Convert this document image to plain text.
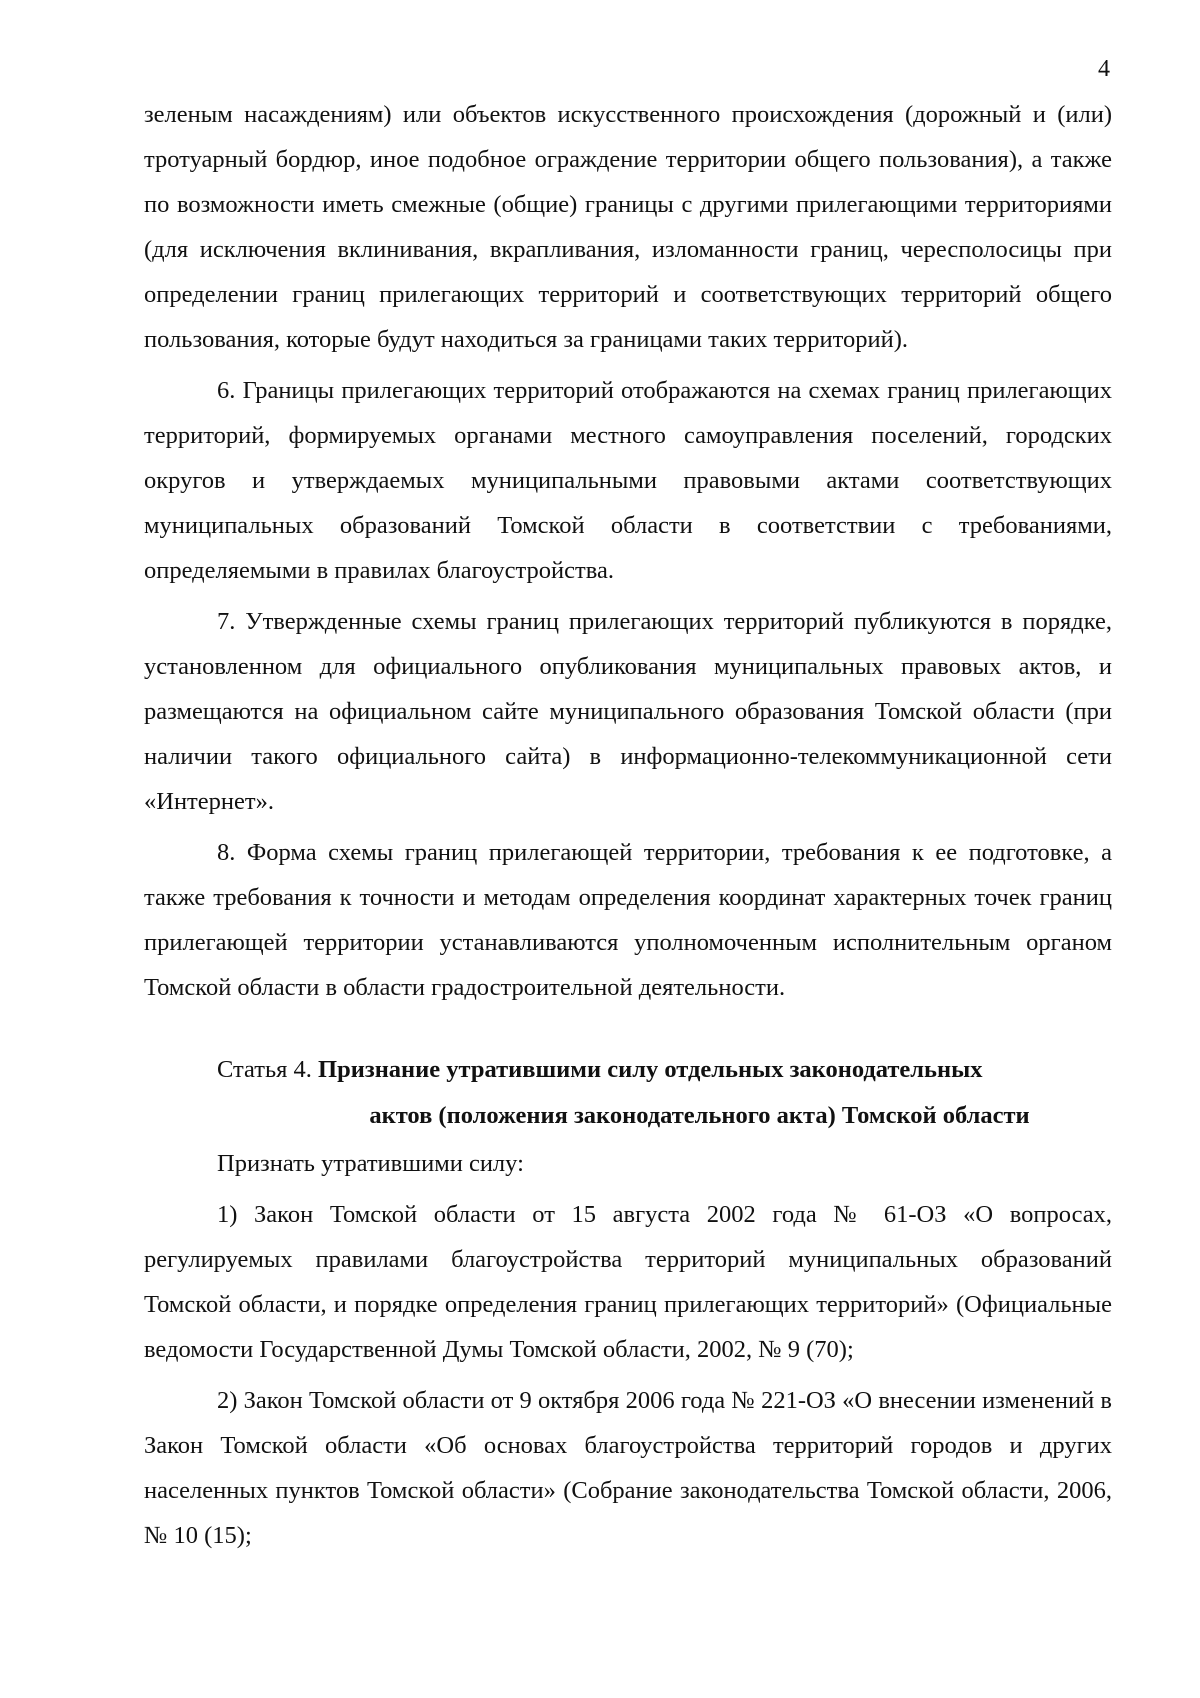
4

зеленым насаждениям) или объектов искусственного происхождения (дорожный и (или) тротуарный бордюр, иное подобное ограждение территории общего пользования), а также по возможности иметь смежные (общие) границы с другими прилегающими территориями (для исключения вклинивания, вкрапливания, изломанности границ, чересполосицы при определении границ прилегающих территорий и соответствующих территорий общего пользования, которые будут находиться за границами таких территорий).

6. Границы прилегающих территорий отображаются на схемах границ прилегающих территорий, формируемых органами местного самоуправления поселений, городских округов и утверждаемых муниципальными правовыми актами соответствующих муниципальных образований Томской области в соответствии с требованиями, определяемыми в правилах благоустройства.

7. Утвержденные схемы границ прилегающих территорий публикуются в порядке, установленном для официального опубликования муниципальных правовых актов, и размещаются на официальном сайте муниципального образования Томской области (при наличии такого официального сайта) в информационно-телекоммуникационной сети «Интернет».

8. Форма схемы границ прилегающей территории, требования к ее подготовке, а также требования к точности и методам определения координат характерных точек границ прилегающей территории устанавливаются уполномоченным исполнительным органом Томской области в области градостроительной деятельности.

Статья 4. Признание утратившими силу отдельных законодательных
актов (положения законодательного акта) Томской области

Признать утратившими силу:

1) Закон Томской области от 15 августа 2002 года № 61-ОЗ «О вопросах, регулируемых правилами благоустройства территорий муниципальных образований Томской области, и порядке определения границ прилегающих территорий» (Официальные ведомости Государственной Думы Томской области, 2002, № 9 (70);

2) Закон Томской области от 9 октября 2006 года № 221-ОЗ «О внесении изменений в Закон Томской области «Об основах благоустройства территорий городов и других населенных пунктов Томской области» (Собрание законодательства Томской области, 2006, № 10 (15);
